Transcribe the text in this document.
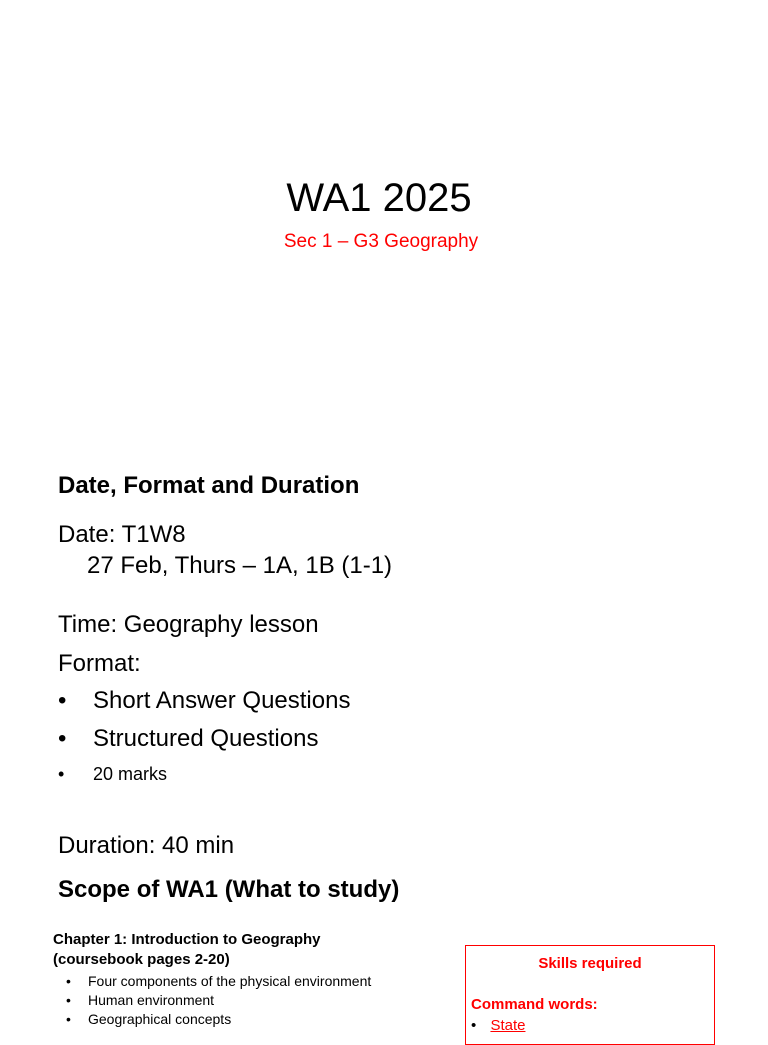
WA1 2025
Sec 1 – G3 Geography
Date, Format and Duration
Date: T1W8
27 Feb, Thurs – 1A, 1B (1-1)
Time: Geography lesson
Format:
• Short Answer Questions
• Structured Questions
• 20 marks
Duration: 40 min
Scope of WA1 (What to study)
Chapter 1: Introduction to Geography
(coursebook pages 2-20)
• Four components of the physical environment
• Human environment
• Geographical concepts
Skills required
Command words:
• State
